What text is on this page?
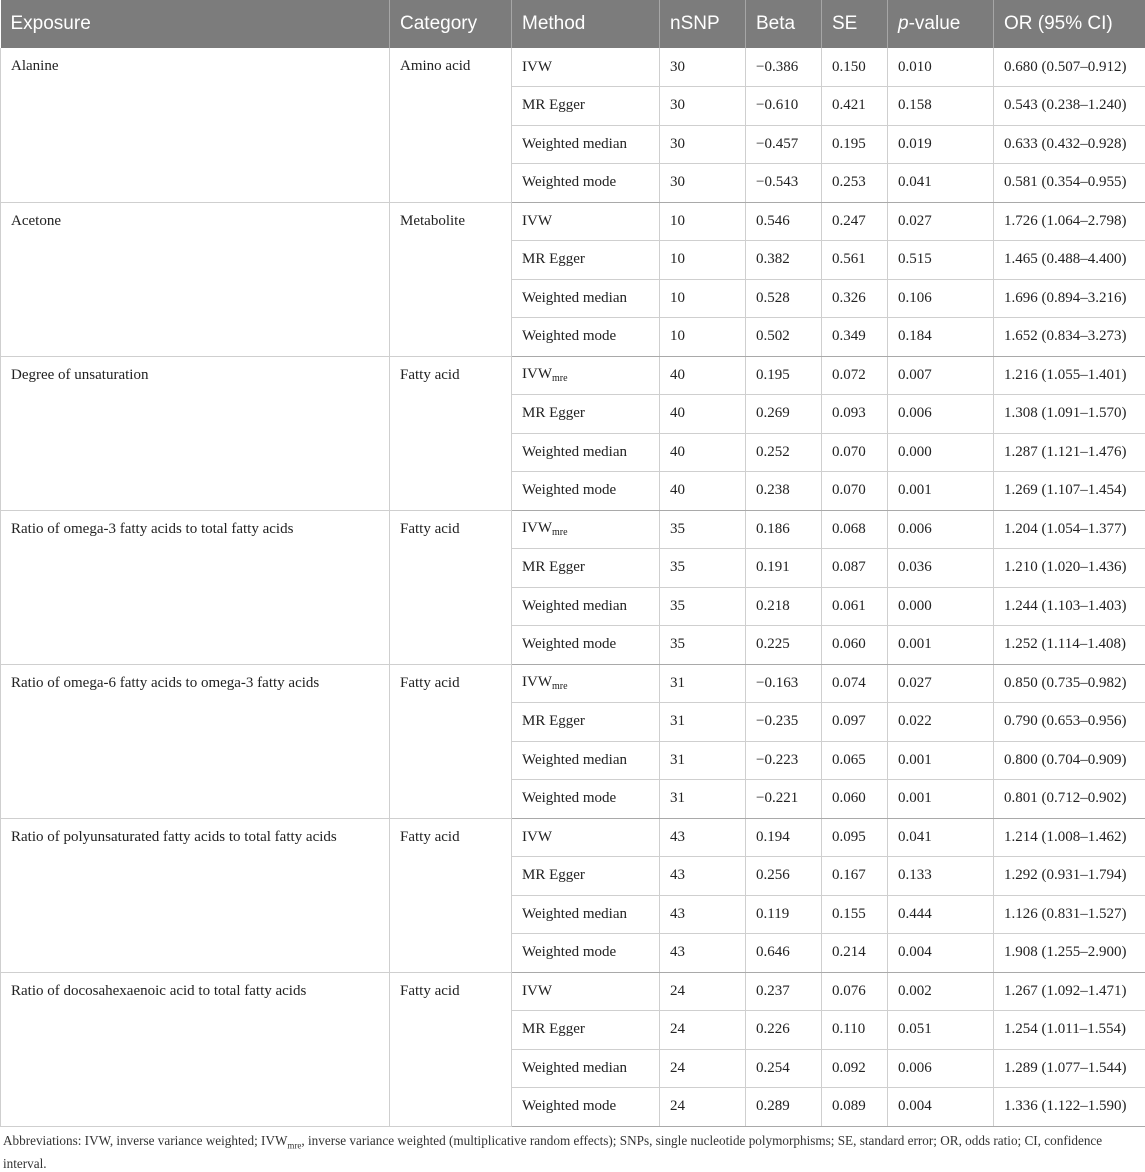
Exposure	Category	Method	nSNP	Beta	SE	p-value	OR (95% CI)
Alanine	Amino acid	IVW	30	−0.386	0.150	0.010	0.680 (0.507–0.912)
		MR Egger	30	−0.610	0.421	0.158	0.543 (0.238–1.240)
		Weighted median	30	−0.457	0.195	0.019	0.633 (0.432–0.928)
		Weighted mode	30	−0.543	0.253	0.041	0.581 (0.354–0.955)
Acetone	Metabolite	IVW	10	0.546	0.247	0.027	1.726 (1.064–2.798)
		MR Egger	10	0.382	0.561	0.515	1.465 (0.488–4.400)
		Weighted median	10	0.528	0.326	0.106	1.696 (0.894–3.216)
		Weighted mode	10	0.502	0.349	0.184	1.652 (0.834–3.273)
Degree of unsaturation	Fatty acid	$IVW_{mre}$	40	0.195	0.072	0.007	1.216 (1.055–1.401)
		MR Egger	40	0.269	0.093	0.006	1.308 (1.091–1.570)
		Weighted median	40	0.252	0.070	0.000	1.287 (1.121–1.476)
		Weighted mode	40	0.238	0.070	0.001	1.269 (1.107–1.454)
Ratio of omega-3 fatty acids to total fatty acids	Fatty acid	$IVW_{mre}$	35	0.186	0.068	0.006	1.204 (1.054–1.377)
		MR Egger	35	0.191	0.087	0.036	1.210 (1.020–1.436)
		Weighted median	35	0.218	0.061	0.000	1.244 (1.103–1.403)
		Weighted mode	35	0.225	0.060	0.001	1.252 (1.114–1.408)
Ratio of omega-6 fatty acids to omega-3 fatty acids	Fatty acid	$IVW_{mre}$	31	−0.163	0.074	0.027	0.850 (0.735–0.982)
		MR Egger	31	−0.235	0.097	0.022	0.790 (0.653–0.956)
		Weighted median	31	−0.223	0.065	0.001	0.800 (0.704–0.909)
		Weighted mode	31	−0.221	0.060	0.001	0.801 (0.712–0.902)
Ratio of polyunsaturated fatty acids to total fatty acids	Fatty acid	IVW	43	0.194	0.095	0.041	1.214 (1.008–1.462)
		MR Egger	43	0.256	0.167	0.133	1.292 (0.931–1.794)
		Weighted median	43	0.119	0.155	0.444	1.126 (0.831–1.527)
		Weighted mode	43	0.646	0.214	0.004	1.908 (1.255–2.900)
Ratio of docosahexaenoic acid to total fatty acids	Fatty acid	IVW	24	0.237	0.076	0.002	1.267 (1.092–1.471)
		MR Egger	24	0.226	0.110	0.051	1.254 (1.011–1.554)
		Weighted median	24	0.254	0.092	0.006	1.289 (1.077–1.544)
		Weighted mode	24	0.289	0.089	0.004	1.336 (1.122–1.590)
Abbreviations: IVW, inverse variance weighted; $IVW_{mre}$, inverse variance weighted (multiplicative random effects); SNPs, single nucleotide polymorphisms; SE, standard error; OR, odds ratio; CI, confidence interval.
